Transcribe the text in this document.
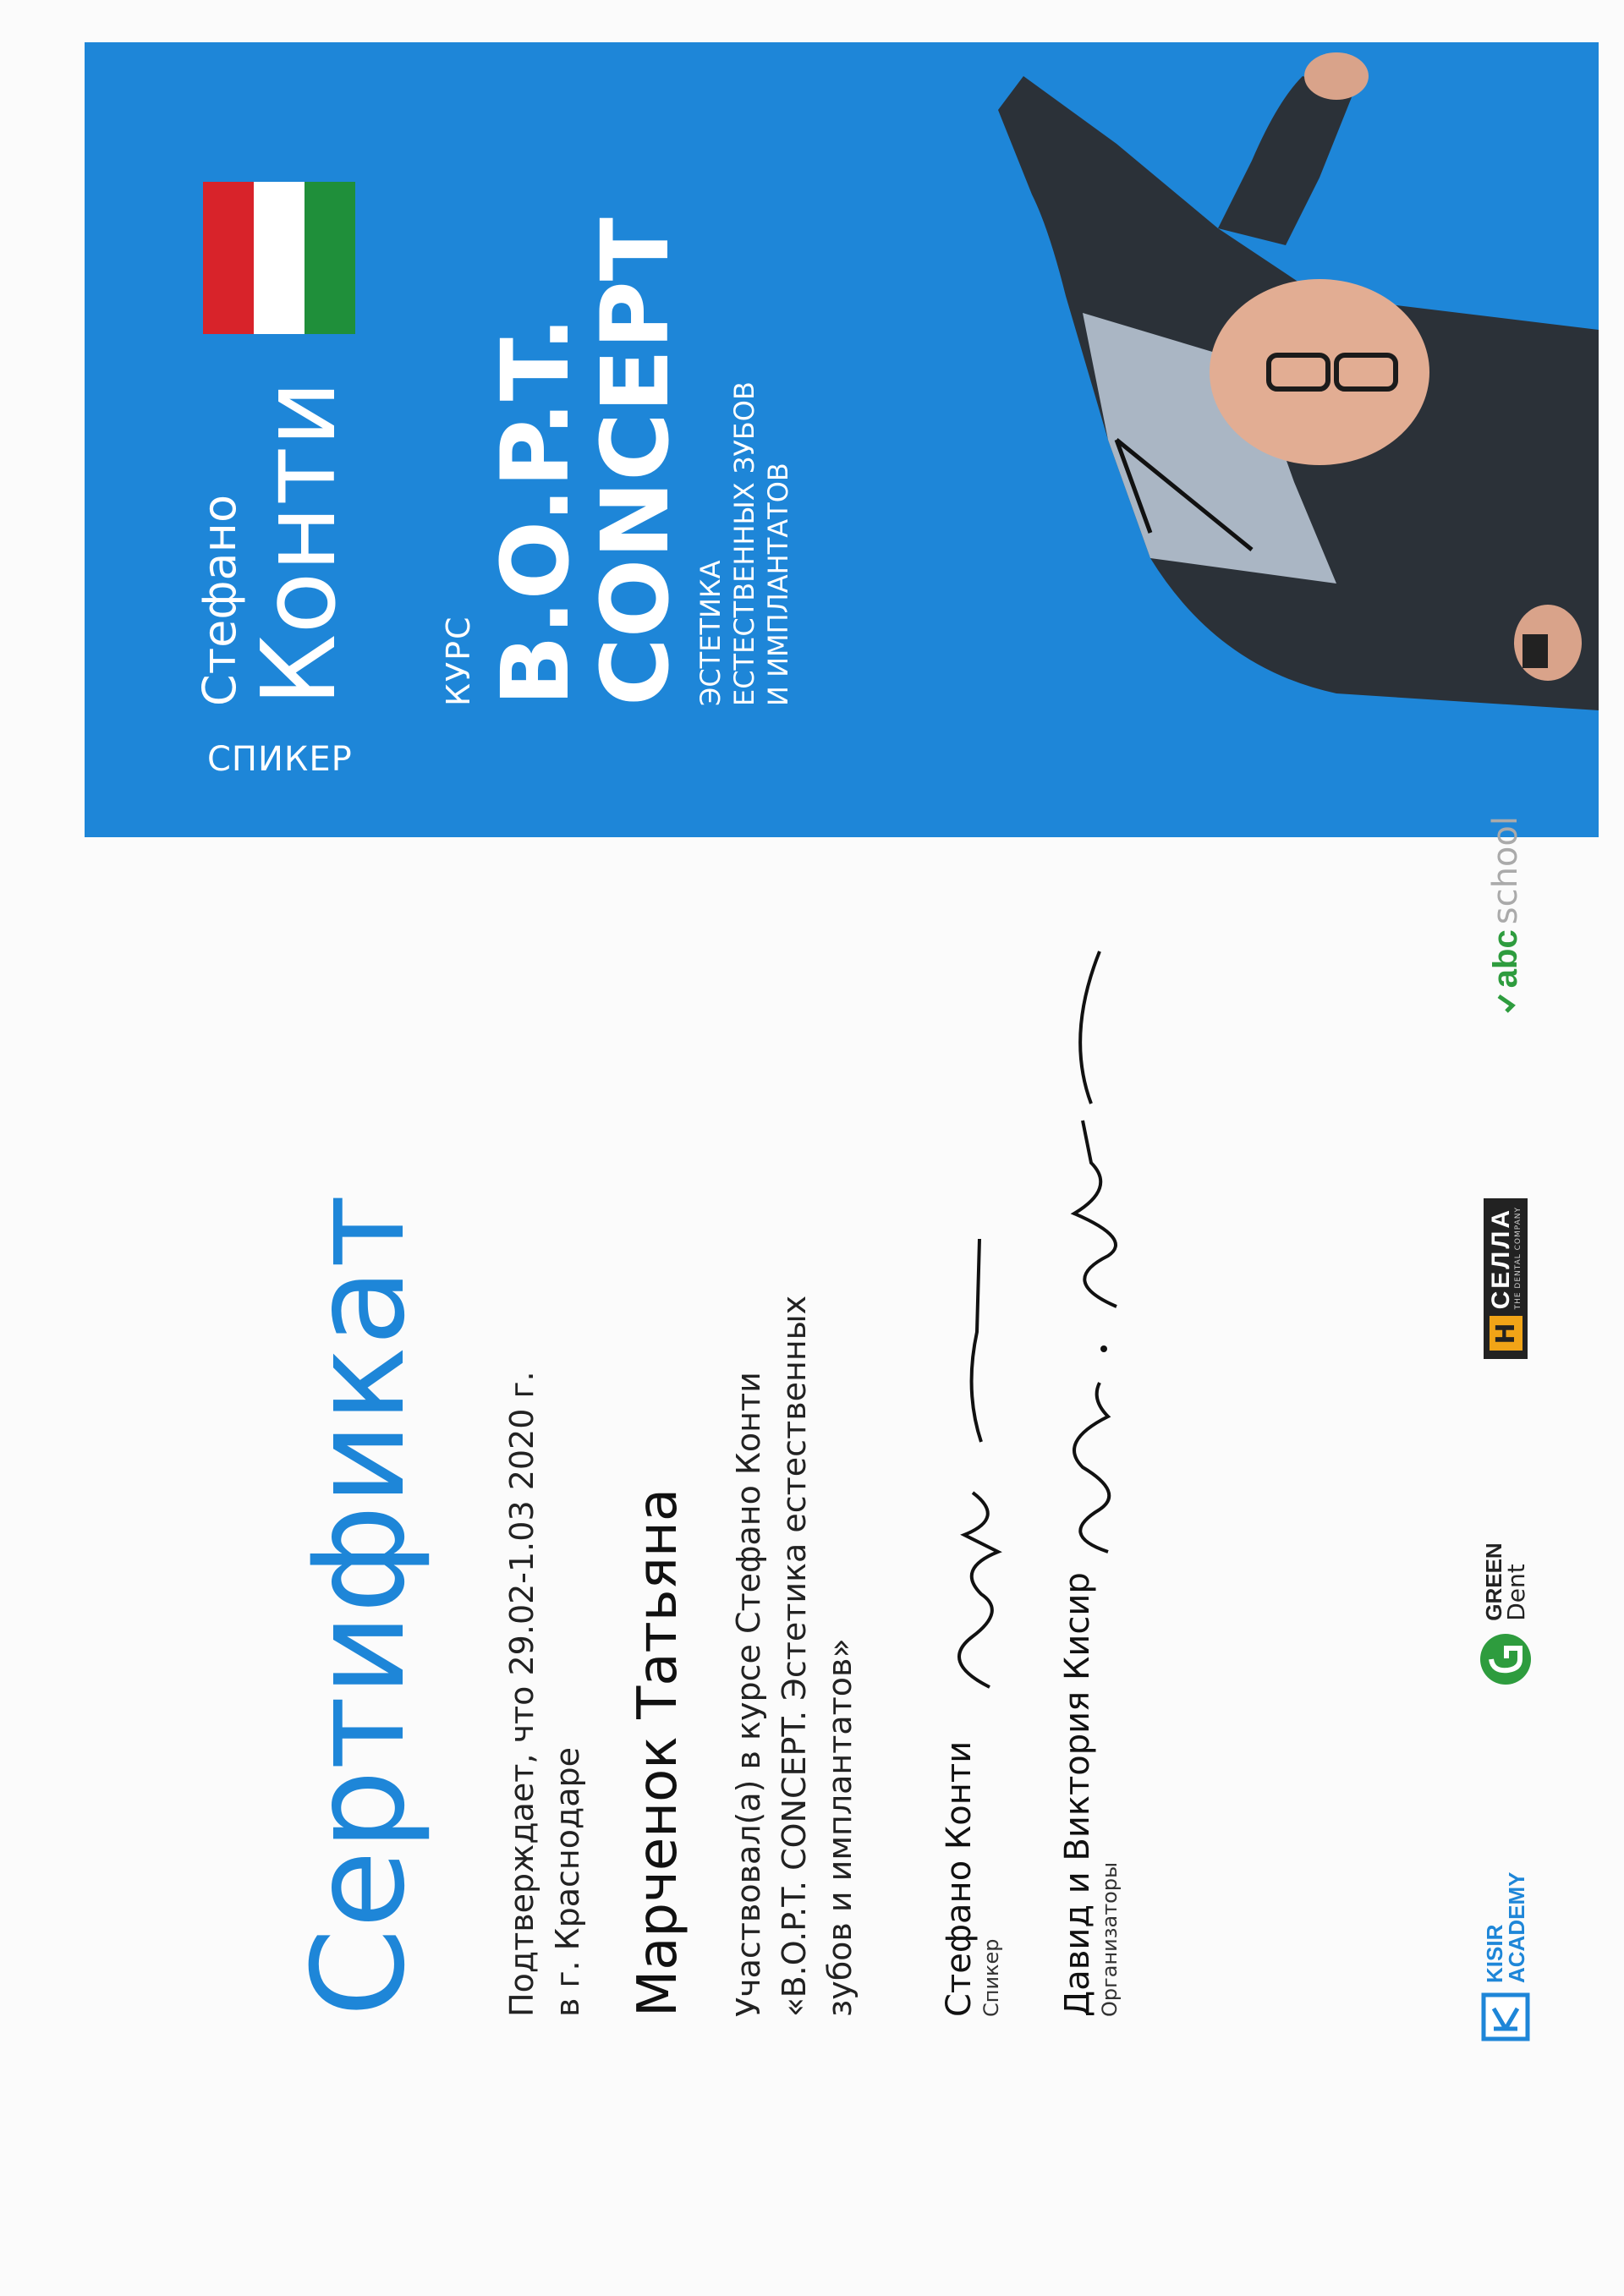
СПИКЕР
Стефано
Конти	КУРС B.O.P.T.
CONCEPT ЭСТЕТИКА ЕСТЕСТВЕННЫХ ЗУБОВ И ИМПЛАНТАТОВ
Сертификат Подтверждает, что 29.02-1.03 2020 г. в г. Краснодаре Марченок Татьяна Участвовал(а) в курсе Стефано Конти «B.O.P.T. CONCEPT. Эстетика естественных зубов и имплантатов» Стефано Конти Спикер Давид и Виктория Кисир Организаторы	KISIR
ACADEMY
GREEN
Dent
H
СЕЛЛА THE DENTAL COMPANY
abc
school
